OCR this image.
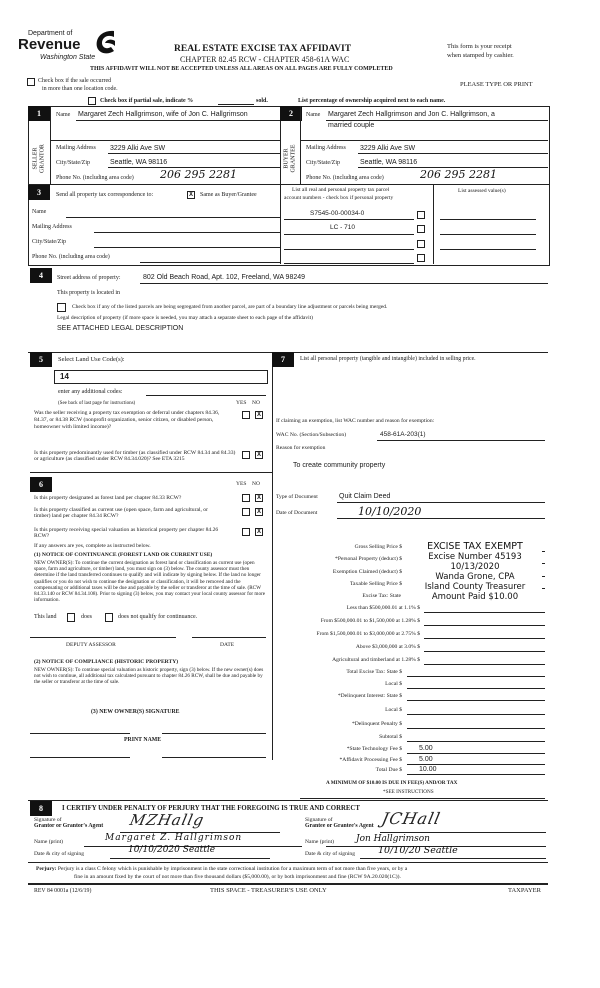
Department of
Revenue
Washington State
REAL ESTATE EXCISE TAX AFFIDAVIT
CHAPTER 82.45 RCW - CHAPTER 458-61A WAC
THIS AFFIDAVIT WILL NOT BE ACCEPTED UNLESS ALL AREAS ON ALL PAGES ARE FULLY COMPLETED
This form is your receipt
when stamped by cashier.
Check box if the sale occurred
in more than one location code.
PLEASE TYPE OR PRINT
Check box if partial sale, indicate %	sold.	List percentage of ownership acquired next to each name.
1
SELLER
GRANTOR
Name Margaret Zech Hallgrimson, wife of Jon C. Hallgrimson
Mailing Address 3229 Alki Ave SW
City/State/Zip	Seattle, WA 98116
Phone No. (including area code) 206 295 2281
2
BUYER
GRANTEE
Name Margaret Zech Hallgrimson and Jon C. Hallgrimson, a
married couple
Mailing Address 3229 Alki Ave SW
City/State/Zip	Seattle, WA 98116
Phone No. (including area code)	206 295 2281
3	Send all property tax correspondence to:	X	Same as Buyer/Grantee
Name
Mailing Address
City/State/Zip
Phone No. (including area code)
List all real and personal property tax parcel
account numbers - check box if personal property
List assessed value(s)
S7545-00-00034-0
LC - 710
4	Street address of property:	802 Old Beach Road, Apt. 102, Freeland, WA 98249
This property is located in
Check box if any of the listed parcels are being segregated from another parcel, are part of a boundary line adjustment or parcels being merged.
Legal description of property (if more space is needed, you may attach a separate sheet to each page of the affidavit)
SEE ATTACHED LEGAL DESCRIPTION
5	Select Land Use Code(s):
14
enter any additional codes:
(See back of last page for instructions)	YES NO
Was the seller receiving a property tax exemption or deferral under chapters 84.36, 84.37, or 84.38 RCW (nonprofit organization, senior citizen, or disabled person, homeowner with limited income)?
X
Is this property predominantly used for timber (as classified under RCW 84.34 and 84.33) or agriculture (as classified under RCW 84.34.020)? See ETA 3215
X
6	YES NO
Is this property designated as forest land per chapter 84.33 RCW?	X
Is this property classified as current use (open space, farm and agricultural, or timber) land per chapter 84.34 RCW?
X
Is this property receiving special valuation as historical property per chapter 84.26 RCW?
X
If any answers are yes, complete as instructed below.
(1) NOTICE OF CONTINUANCE (FOREST LAND OR CURRENT USE)
NEW OWNER(S): To continue the current designation as forest land or classification as current use (open space, farm and agriculture, or timber) land, you must sign on (3) below. The county assessor must then determine if the land transferred continues to qualify and will indicate by signing below. If the land no longer qualifies or you do not wish to continue the designation or classification, it will be removed and the compensating or additional taxes will be due and payable by the seller or transferor at the time of sale. (RCW 84.33.140 or RCW 84.34.108). Prior to signing (3) below, you may contact your local county assessor for more information.
This land	does	does not qualify for continuance.
DEPUTY ASSESSOR	DATE
(2) NOTICE OF COMPLIANCE (HISTORIC PROPERTY)
NEW OWNER(S): To continue special valuation as historic property, sign (3) below. If the new owner(s) does not wish to continue, all additional tax calculated pursuant to chapter 84.26 RCW, shall be due and payable by the seller or transferor at the time of sale.
(3) NEW OWNER(S) SIGNATURE
PRINT NAME
7	List all personal property (tangible and intangible) included in selling price.
If claiming an exemption, list WAC number and reason for exemption:
WAC No. (Section/Subsection)	458-61A-203(1)
Reason for exemption
To create community property
Type of Document	Quit Claim Deed
Date of Document	10/10/2020
Gross Selling Price $
*Personal Property (deduct) $
Exemption Claimed (deduct) $
Taxable Selling Price $
Excise Tax: State
Less than $500,000.01 at 1.1% $
From $500,000.01 to $1,500,000 at 1.28% $
From $1,500,000.01 to $3,000,000 at 2.75% $
Above $3,000,000 at 3.0% $
Agricultural and timberland at 1.28% $
Total Excise Tax: State $
Local $
*Delinquent Interest: State $
Local $
*Delinquent Penalty $
Subtotal $
*State Technology Fee $ 5.00
*Affidavit Processing Fee $ 5.00
Total Due $ 10.00
EXCISE TAX EXEMPT
Excise Number 45193
10/13/2020
Wanda Grone, CPA
Island County Treasurer
Amount Paid $10.00
A MINIMUM OF $10.00 IS DUE IN FEE(S) AND/OR TAX
*SEE INSTRUCTIONS
8	I CERTIFY UNDER PENALTY OF PERJURY THAT THE FOREGOING IS TRUE AND CORRECT
Signature of
Grantor or Grantor's Agent MZHallg
Name (print)	Margaret Z. Hallgrimson
Date & city of signing	10/10/2020 Seattle
Signature of
Grantee or Grantee's Agent JCHall
Name (print) Jon Hallgrimson
Date & city of signing 10/10/20 Seattle
Perjury: Perjury is a class C felony which is punishable by imprisonment in the state correctional institution for a maximum term of not more than five years, or by a
fine in an amount fixed by the court of not more than five thousand dollars ($5,000.00), or by both imprisonment and fine (RCW 9A.20.020(1C)).
REV 84 0001a (12/6/19)	THIS SPACE - TREASURER'S USE ONLY	TAXPAYER
